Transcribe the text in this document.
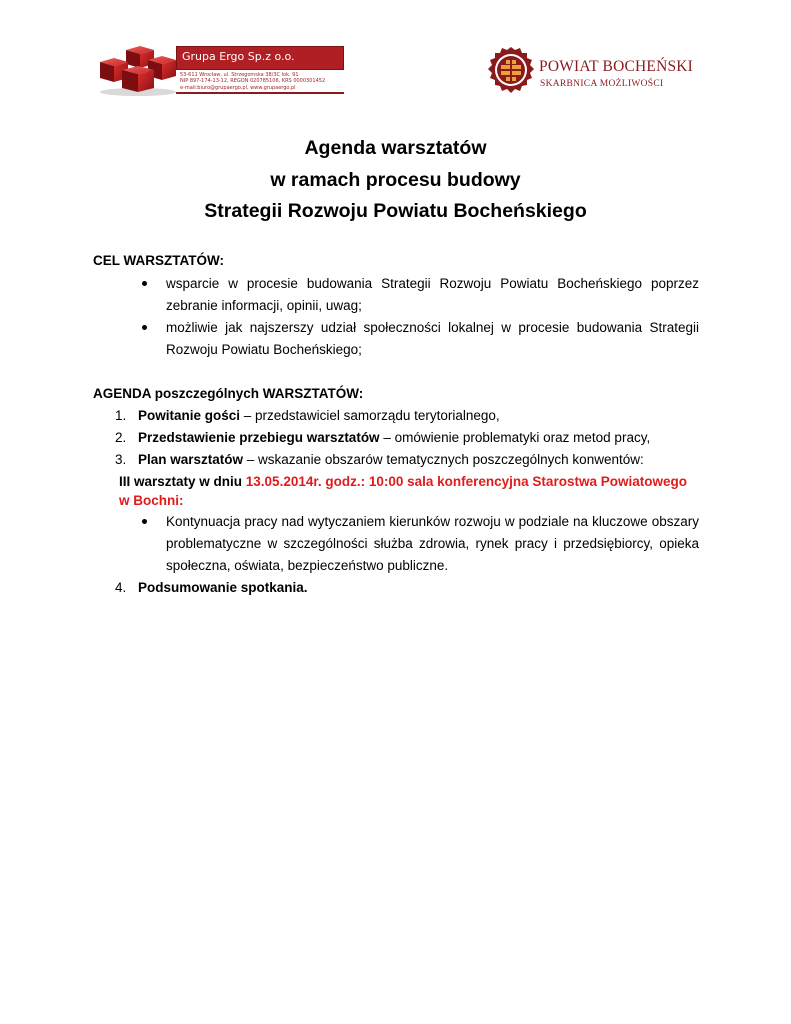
Grupa Ergo Sp.z o.o.
53-611 Wrocław, ul. Strzegomska 38/3C lok. 91
NIP 897-174-13-12, REGON 020785106, KRS 0000301452
e-mail:biuro@grupaergo.pl, www.grupaergo.pl
POWIAT BOCHEŃSKI
SKARBNICA MOŻLIWOŚCI

Agenda warsztatów

w ramach procesu budowy

Strategii Rozwoju Powiatu Bocheńskiego

CEL WARSZTATÓW:
wsparcie w procesie budowania Strategii Rozwoju Powiatu Bocheńskiego poprzez zebranie informacji, opinii, uwag;
możliwie jak najszerszy udział społeczności lokalnej w procesie budowania Strategii Rozwoju Powiatu Bocheńskiego;
AGENDA poszczególnych WARSZTATÓW:
1. Powitanie gości – przedstawiciel samorządu terytorialnego,
2. Przedstawienie przebiegu warsztatów – omówienie problematyki oraz metod pracy,
3. Plan warsztatów – wskazanie obszarów tematycznych poszczególnych konwentów:
III warsztaty w dniu 13.05.2014r. godz.: 10:00 sala konferencyjna Starostwa Powiatowego w Bochni:
Kontynuacja pracy nad wytyczaniem kierunków rozwoju w podziale na kluczowe obszary problematyczne w szczególności służba zdrowia, rynek pracy i przedsiębiorcy, opieka społeczna, oświata, bezpieczeństwo publiczne.
4. Podsumowanie spotkania.
